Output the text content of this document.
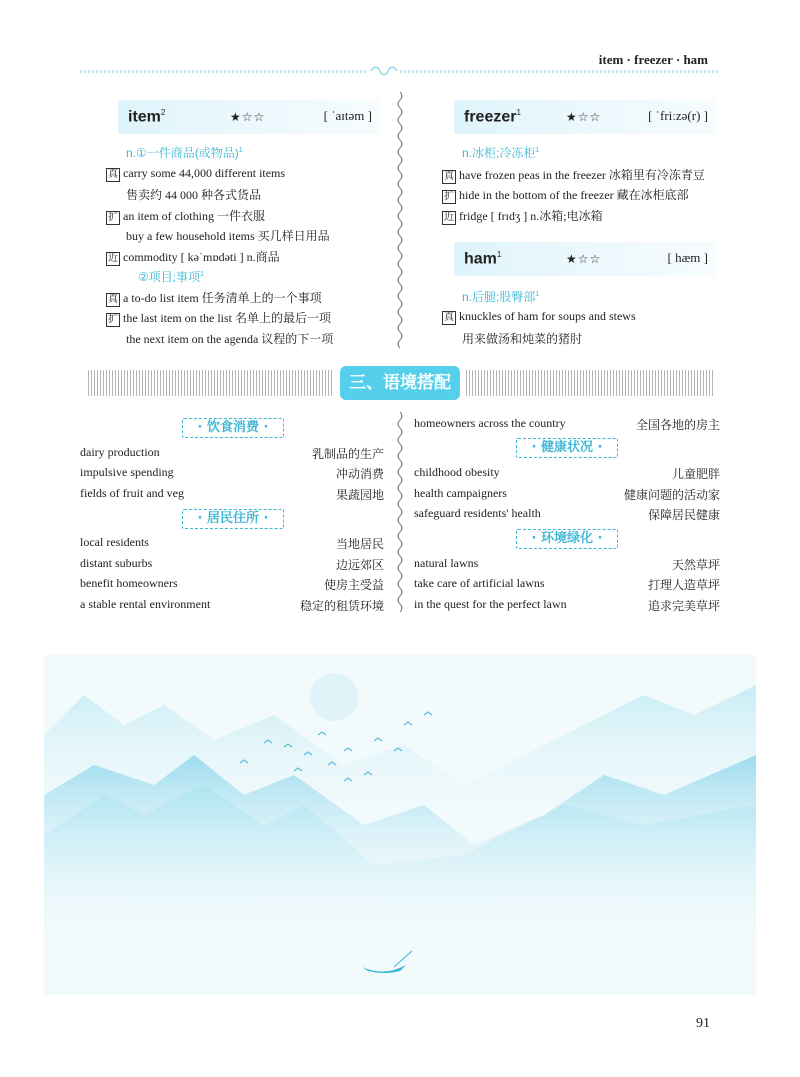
item · freezer · ham
item$^2$	★☆☆	[ ˈaɪtəm ]
n.①一件商品(或物品)$^1$
真 carry some 44,000 different items
售卖约 44 000 种各式货品
扩 an item of clothing 一件衣服
buy a few household items 买几样日用品
近 commodity [ kəˈmɒdəti ] n.商品
②项目;事项$^1$
真 a to-do list item 任务清单上的一个事项
扩 the last item on the list 名单上的最后一项
the next item on the agenda 议程的下一项
freezer$^1$	★☆☆	[ ˈfriːzə(r) ]
n.冰柜;冷冻柜$^1$
真 have frozen peas in the freezer 冰箱里有冷冻青豆
扩 hide in the bottom of the freezer 藏在冰柜底部
近 fridge [ frɪdʒ ] n.冰箱;电冰箱
ham$^1$	★☆☆	[ hæm ]
n.后腿;股臀部$^1$
真 knuckles of ham for soups and stews
用来做汤和炖菜的猪肘
三、语境搭配
· 饮食消费 ·
dairy production	乳制品的生产
impulsive spending	冲动消费
fields of fruit and veg	果蔬园地
· 居民住所 ·
local residents	当地居民
distant suburbs	边远郊区
benefit homeowners	使房主受益
a stable rental environment	稳定的租赁环境
homeowners across the country	全国各地的房主
· 健康状况 ·
childhood obesity	儿童肥胖
health campaigners	健康问题的活动家
safeguard residents' health	保障居民健康
· 环境绿化 ·
natural lawns	天然草坪
take care of artificial lawns	打理人造草坪
in the quest for the perfect lawn	追求完美草坪
91
